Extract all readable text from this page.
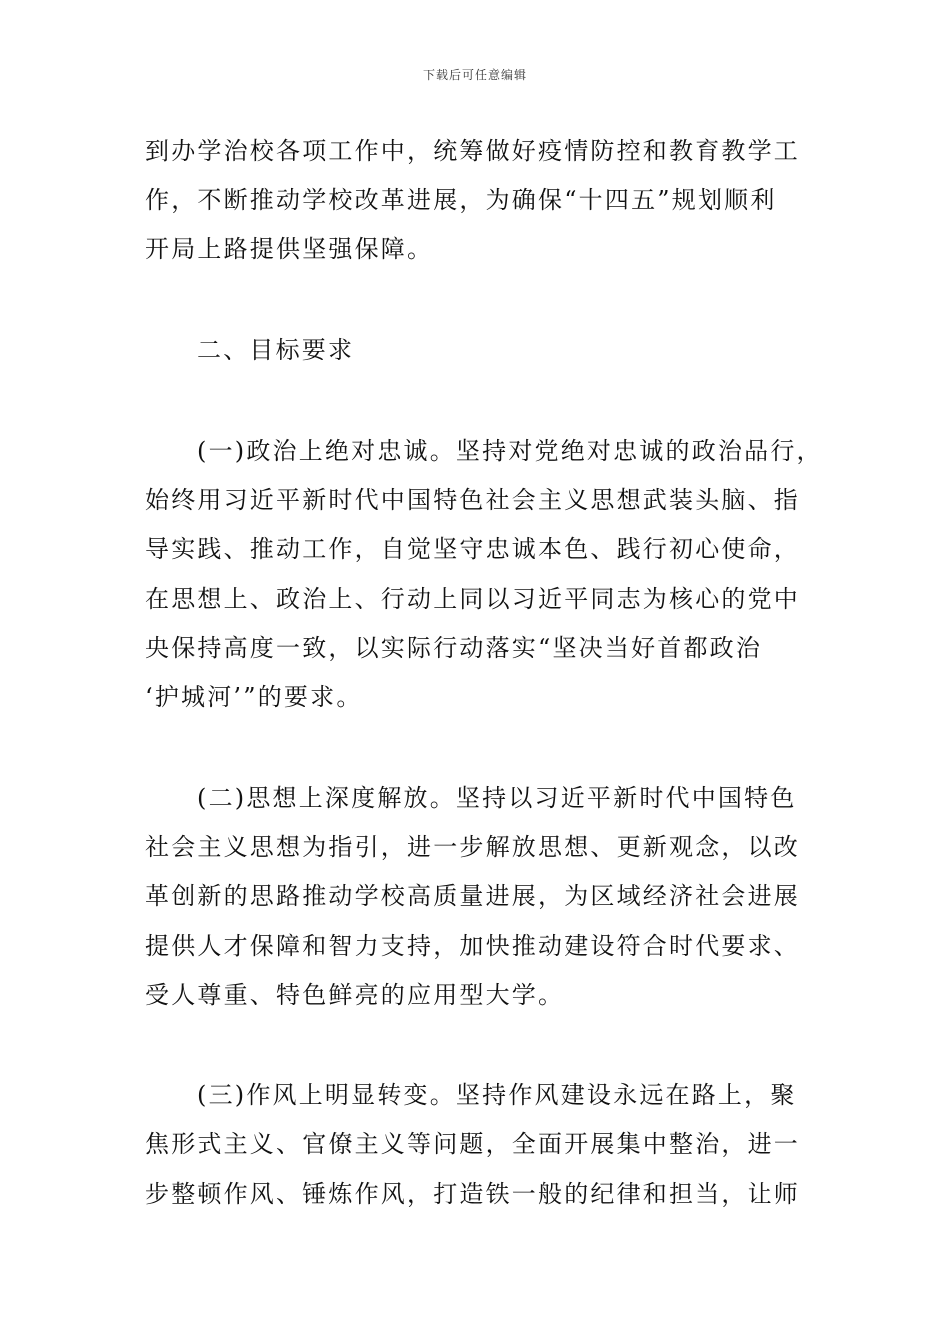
下载后可任意编辑
到办学治校各项工作中，统筹做好疫情防控和教育教学工
作，不断推动学校改革进展，为确保“十四五”规划顺利
开局上路提供坚强保障。
二、目标要求
(一)政治上绝对忠诚。坚持对党绝对忠诚的政治品行，
始终用习近平新时代中国特色社会主义思想武装头脑、指
导实践、推动工作，自觉坚守忠诚本色、践行初心使命，
在思想上、政治上、行动上同以习近平同志为核心的党中
央保持高度一致，以实际行动落实“坚决当好首都政治
‘护城河’”的要求。
(二)思想上深度解放。坚持以习近平新时代中国特色
社会主义思想为指引，进一步解放思想、更新观念，以改
革创新的思路推动学校高质量进展，为区域经济社会进展
提供人才保障和智力支持，加快推动建设符合时代要求、
受人尊重、特色鲜亮的应用型大学。
(三)作风上明显转变。坚持作风建设永远在路上，聚
焦形式主义、官僚主义等问题，全面开展集中整治，进一
步整顿作风、锤炼作风，打造铁一般的纪律和担当，让师
